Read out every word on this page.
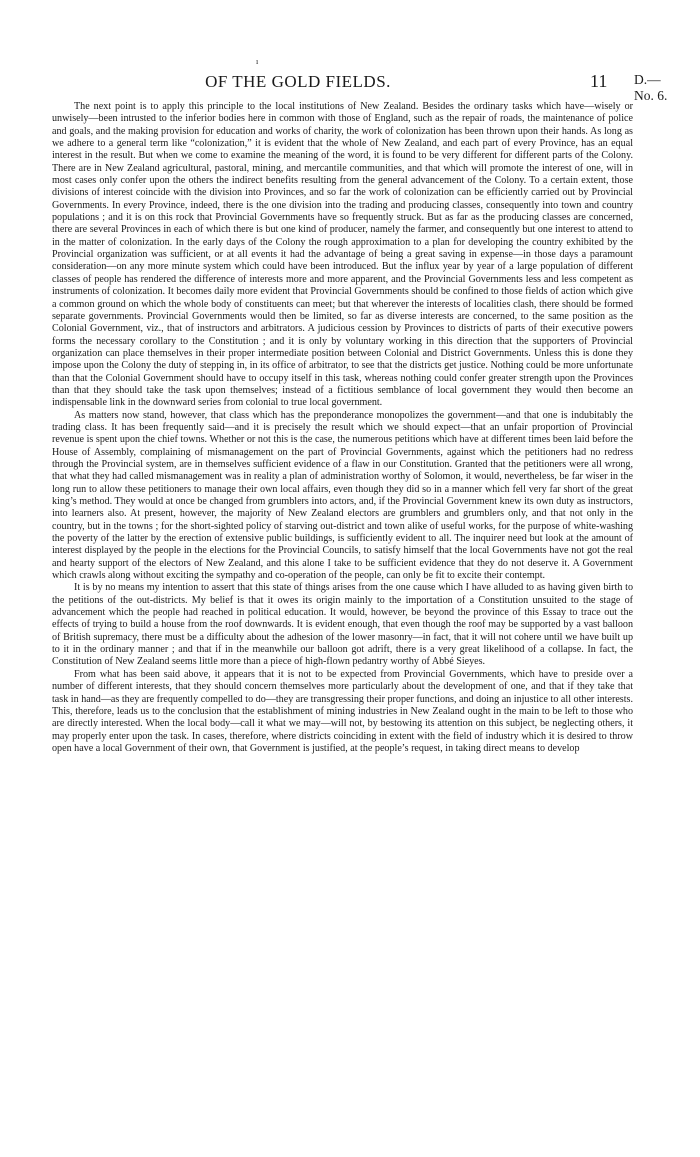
ı
OF THE GOLD FIELDS.	11 D.—No. 6.

The next point is to apply this principle to the local institutions of New Zealand. Besides the ordinary tasks which have—wisely or unwisely—been intrusted to the inferior bodies here in common with those of England, such as the repair of roads, the maintenance of police and goals, and the making provision for education and works of charity, the work of colonization has been thrown upon their hands. As long as we adhere to a general term like “colonization,” it is evident that the whole of New Zealand, and each part of every Province, has an equal interest in the result. But when we come to examine the meaning of the word, it is found to be very different for different parts of the Colony. There are in New Zealand agricultural, pastoral, mining, and mercantile communities, and that which will promote the interest of one, will in most cases only confer upon the others the indirect benefits resulting from the general advancement of the Colony. To a certain extent, those divisions of interest coincide with the division into Provinces, and so far the work of colonization can be efficiently carried out by Provincial Governments. In every Province, indeed, there is the one division into the trading and producing classes, consequently into town and country populations ; and it is on this rock that Provincial Governments have so frequently struck. But as far as the producing classes are concerned, there are several Provinces in each of which there is but one kind of producer, namely the farmer, and consequently but one interest to attend to in the matter of colonization. In the early days of the Colony the rough approximation to a plan for developing the country exhibited by the Provincial organization was sufficient, or at all events it had the advantage of being a great saving in expense—in those days a paramount consideration—on any more minute system which could have been introduced. But the influx year by year of a large population of different classes of people has rendered the difference of interests more and more apparent, and the Provincial Governments less and less competent as instruments of colonization. It becomes daily more evident that Provincial Governments should be confined to those fields of action which give a common ground on which the whole body of constituents can meet; but that wherever the interests of localities clash, there should be formed separate governments. Provincial Governments would then be limited, so far as diverse interests are concerned, to the same position as the Colonial Government, viz., that of instructors and arbitrators. A judicious cession by Provinces to districts of parts of their executive powers forms the necessary corollary to the Constitution ; and it is only by voluntary working in this direction that the supporters of Provincial organization can place themselves in their proper intermediate position between Colonial and District Governments. Unless this is done they impose upon the Colony the duty of stepping in, in its office of arbitrator, to see that the districts get justice. Nothing could be more unfortunate than that the Colonial Government should have to occupy itself in this task, whereas nothing could confer greater strength upon the Provinces than that they should take the task upon themselves; instead of a fictitious semblance of local government they would then become an indispensable link in the downward series from colonial to true local government.

As matters now stand, however, that class which has the preponderance monopolizes the government—and that one is indubitably the trading class. It has been frequently said—and it is precisely the result which we should expect—that an unfair proportion of Provincial revenue is spent upon the chief towns. Whether or not this is the case, the numerous petitions which have at different times been laid before the House of Assembly, complaining of mismanagement on the part of Provincial Governments, against which the petitioners had no redress through the Provincial system, are in themselves sufficient evidence of a flaw in our Constitution. Granted that the petitioners were all wrong, that what they had called mismanagement was in reality a plan of administration worthy of Solomon, it would, nevertheless, be far wiser in the long run to allow these petitioners to manage their own local affairs, even though they did so in a manner which fell very far short of the great king’s method. They would at once be changed from grumblers into actors, and, if the Provincial Government knew its own duty as instructors, into learners also. At present, however, the majority of New Zealand electors are grumblers and grumblers only, and that not only in the country, but in the towns ; for the short-sighted policy of starving out-district and town alike of useful works, for the purpose of white-washing the poverty of the latter by the erection of extensive public buildings, is sufficiently evident to all. The inquirer need but look at the amount of interest displayed by the people in the elections for the Provincial Councils, to satisfy himself that the local Governments have not got the real and hearty support of the electors of New Zealand, and this alone I take to be sufficient evidence that they do not deserve it. A Government which crawls along without exciting the sympathy and co-operation of the people, can only be fit to excite their contempt.

It is by no means my intention to assert that this state of things arises from the one cause which I have alluded to as having given birth to the petitions of the out-districts. My belief is that it owes its origin mainly to the importation of a Constitution unsuited to the stage of advancement which the people had reached in political education. It would, however, be beyond the province of this Essay to trace out the effects of trying to build a house from the roof downwards. It is evident enough, that even though the roof may be supported by a vast balloon of British supremacy, there must be a difficulty about the adhesion of the lower masonry—in fact, that it will not cohere until we have built up to it in the ordinary manner ; and that if in the meanwhile our balloon got adrift, there is a very great likelihood of a collapse. In fact, the Constitution of New Zealand seems little more than a piece of high-flown pedantry worthy of Abbé Sieyes.

From what has been said above, it appears that it is not to be expected from Provincial Governments, which have to preside over a number of different interests, that they should concern themselves more particularly about the development of one, and that if they take that task in hand—as they are frequently compelled to do—they are transgressing their proper functions, and doing an injustice to all other interests. This, therefore, leads us to the conclusion that the establishment of mining industries in New Zealand ought in the main to be left to those who are directly interested. When the local body—call it what we may—will not, by bestowing its attention on this subject, be neglecting others, it may properly enter upon the task. In cases, therefore, where districts coinciding in extent with the field of industry which it is desired to throw open have a local Government of their own, that Government is justified, at the people’s request, in taking direct means to develop
